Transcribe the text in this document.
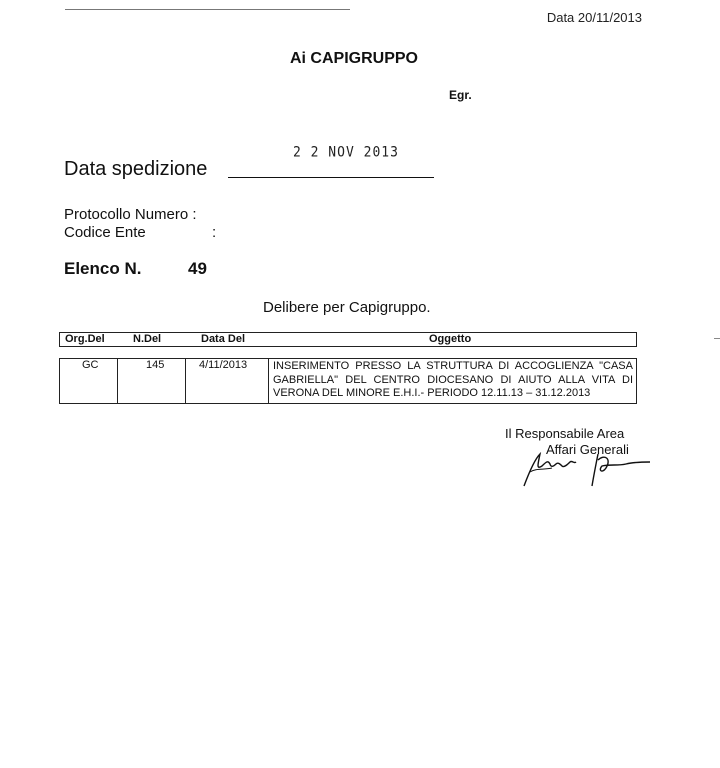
Data 20/11/2013
Ai CAPIGRUPPO
Egr.
2 2 NOV 2013
Data spedizione
Protocollo Numero :
Codice Ente	:
Elenco N.	49
Delibere per Capigruppo.
Org.Del	N.Del	Data Del	Oggetto
GC	145	4/11/2013 INSERIMENTO PRESSO LA STRUTTURA DI ACCOGLIENZA "CASA
GABRIELLA" DEL CENTRO DIOCESANO DI AIUTO ALLA VITA DI
VERONA DEL MINORE E.H.I.- PERIODO 12.11.13 – 31.12.2013
Il Responsabile Area
Affari Generali
